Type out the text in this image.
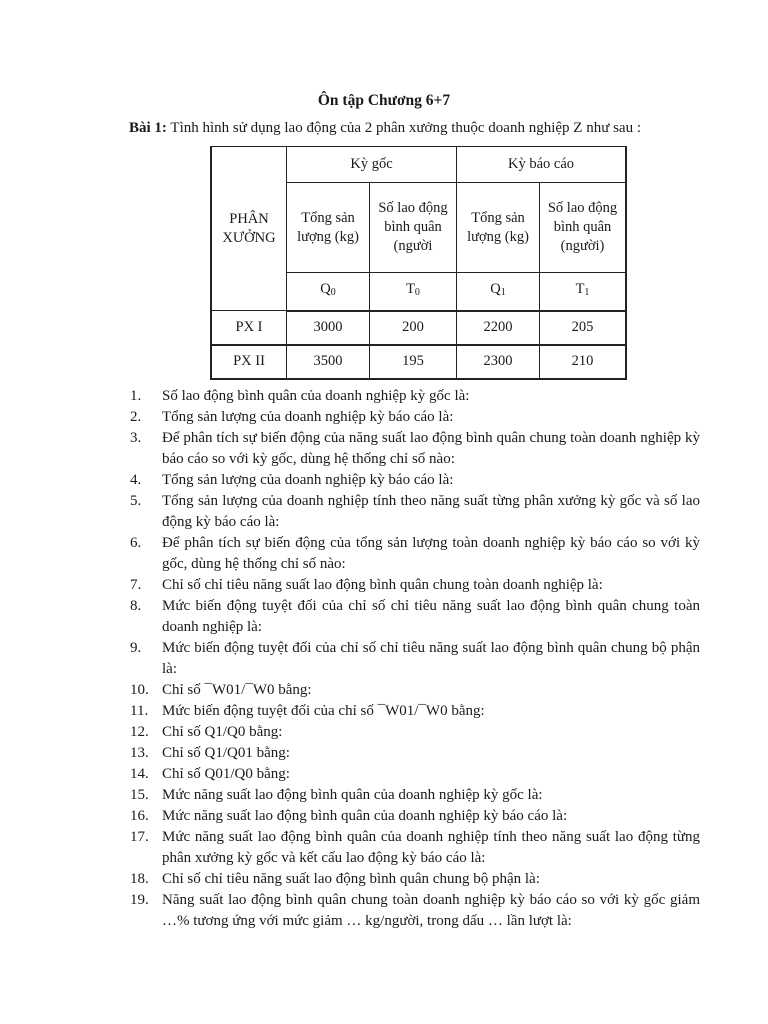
Ôn tập Chương 6+7
Bài 1: Tình hình sử dụng lao động của 2 phân xưởng thuộc doanh nghiệp Z như sau :
PHÂN XƯỞNG	Kỳ gốc		Kỳ báo cáo	
	Tổng sản lượng (kg)	Số lao động bình quân (người	Tổng sản lượng (kg)	Số lao động bình quân (người)
	$Q_0$	$T_0$	$Q_1$	$T_1$
PX I	3000	200	2200	205
PX II	3500	195	2300	210
1. Số lao động bình quân của doanh nghiệp kỳ gốc là:
2. Tổng sản lượng của doanh nghiệp kỳ báo cáo là:
3. Để phân tích sự biến động của năng suất lao động bình quân chung toàn doanh nghiệp kỳ báo cáo so với kỳ gốc, dùng hệ thống chỉ số nào:
4. Tổng sản lượng của doanh nghiệp kỳ báo cáo là:
5. Tổng sản lượng của doanh nghiệp tính theo năng suất từng phân xưởng kỳ gốc và số lao động kỳ báo cáo là:
6. Để phân tích sự biến động của tổng sản lượng toàn doanh nghiệp kỳ báo cáo so với kỳ gốc, dùng hệ thống chỉ số nào:
7. Chỉ số chỉ tiêu năng suất lao động bình quân chung toàn doanh nghiệp là:
8. Mức biến động tuyệt đối của chỉ số chỉ tiêu năng suất lao động bình quân chung toàn doanh nghiệp là:
9. Mức biến động tuyệt đối của chỉ số chỉ tiêu năng suất lao động bình quân chung bộ phận là:
10. Chỉ số ¯W01/¯W0 bằng:
11. Mức biến động tuyệt đối của chỉ số ¯W01/¯W0 bằng:
12. Chỉ số Q1/Q0 bằng:
13. Chỉ số Q1/Q01 bằng:
14. Chỉ số Q01/Q0 bằng:
15. Mức năng suất lao động bình quân của doanh nghiệp kỳ gốc là:
16. Mức năng suất lao động bình quân của doanh nghiệp kỳ báo cáo là:
17. Mức năng suất lao động bình quân của doanh nghiệp tính theo năng suất lao động từng phân xưởng kỳ gốc và kết cấu lao động kỳ báo cáo là:
18. Chỉ số chỉ tiêu năng suất lao động bình quân chung bộ phận là:
19. Năng suất lao động bình quân chung toàn doanh nghiệp kỳ báo cáo so với kỳ gốc giảm …% tương ứng với mức giảm … kg/người, trong dấu … lần lượt là:
